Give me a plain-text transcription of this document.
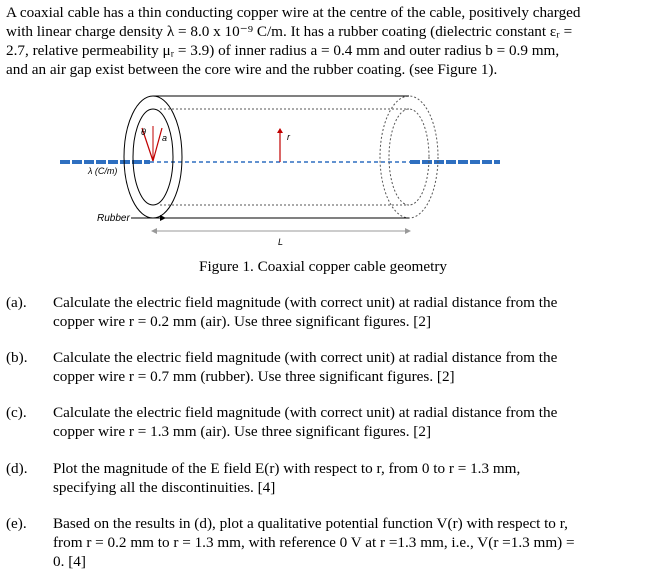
A coaxial cable has a thin conducting copper wire at the centre of the cable, positively charged
with linear charge density λ = 8.0 x 10⁻⁹ C/m. It has a rubber coating (dielectric constant εᵣ =
2.7, relative permeability μᵣ = 3.9) of inner radius a = 0.4 mm and outer radius b = 0.9 mm,
and an air gap exist between the core wire and the rubber coating. (see Figure 1).
θ
a	r
λ (C/m)
Rubber
L
Figure 1. Coaxial copper cable geometry
(a). Calculate the electric field magnitude (with correct unit) at radial distance from the
copper wire r = 0.2 mm (air). Use three significant figures. [2]
(b). Calculate the electric field magnitude (with correct unit) at radial distance from the
copper wire r = 0.7 mm (rubber). Use three significant figures. [2]
(c). Calculate the electric field magnitude (with correct unit) at radial distance from the
copper wire r = 1.3 mm (air). Use three significant figures. [2]
(d). Plot the magnitude of the E field E(r) with respect to r, from 0 to r = 1.3 mm,
specifying all the discontinuities. [4]
(e). Based on the results in (d), plot a qualitative potential function V(r) with respect to r,
from r = 0.2 mm to r = 1.3 mm, with reference 0 V at r =1.3 mm, i.e., V(r =1.3 mm) =
0. [4]
